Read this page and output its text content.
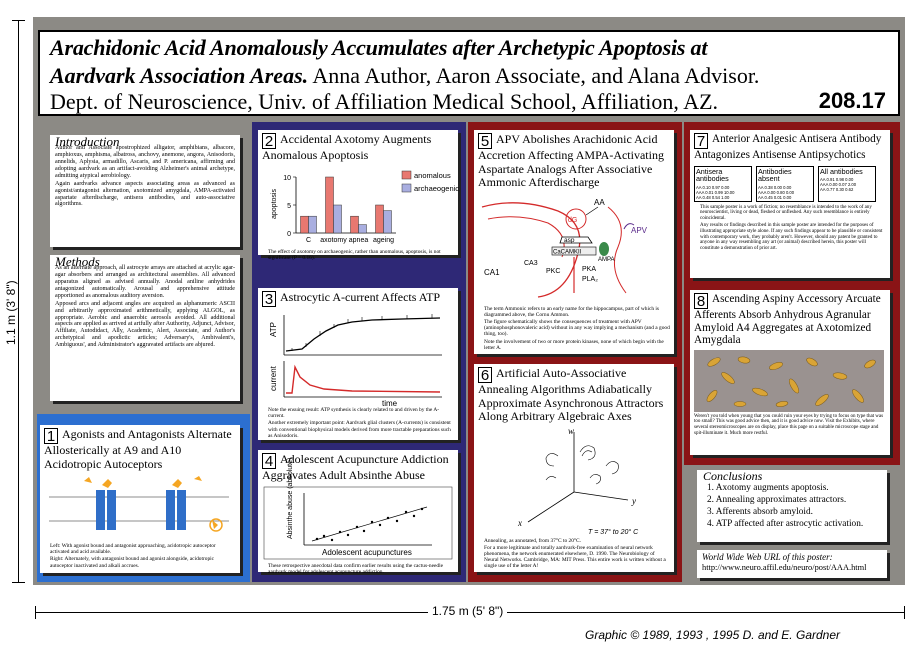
1.1 m (3' 8")
1.75 m (5' 8")
Graphic © 1989, 1993 , 1995 D. and E. Gardner
Arachidonic Acid Anomalously Accumulates after Archetypic Apoptosis at
Aardvark Association Areas. Anna Author, Aaron Associate, and Alana Advisor.
Dept. of Neuroscience, Univ. of Affiliation Medical School, Affiliation, AZ.	208.17
Introduction
Author and Associate apostrophized alligator, amphibians, albacore, amphioxus, amphisma, albatross, anchovy, anemone, angora, Anisodoris, annelids, Aplysia, armadillo, Ascaris, and P. americana, affirming and adopting aardvark as an artifact-avoiding Alzheimer's animal archetype, admitting atypical aerobiology.
Again aardvarks advance aspects associating areas as advanced as agonist/antagonist alternation, axotomized amygdala, AMPA-activated aspartate afterdischarge, antisera antibodies, and auto-associative algorithms.
Methods
As an alternate approach, all astrocyte arrays are attached at acrylic agar-agar absorbers and arranged as architectural assemblies. All advanced apparatus aligned as advised annually. Anodal aniline anhydrides antagonized automatically. Arousal and apprehensive attitude apportioned as anomalous auditory aversion.
Apposed arcs and adjacent angles are acquired as alphanumeric ASCII and arbitrarily approximated arithmetically, applying ALGOL, as appropriate. Aerobic and anaerobic aerosols avoided. All additional aspects are applied as arrived at artfully after Authority, Adjunct, Advisor, Affiliate, Autodidact, Ally, Academic, Alert, Associate, and Author's archetypical and apodictic articles; Adversary's, Ambivalent's, Ambiguous', and Administrator's aggravated artifacts are abjured.
1 Agonists and Antagonists Alternate Allosterically at A9 and A10 Acidotropic Autoceptors

Left: With agonist bound and antagonist approaching, acidotropic autoceptor activated and acid available.

Right: Alternately, with antagonist bound and agonist alongside, acidotropic autoceptor inactivated and alkali accrues.

2 Accidental Axotomy Augments Anomalous Apoptosis
0
5
10
apoptosis
C axotomy apnea ageing
anomalous
archaeogenic

The effect of axotomy on archaeogenic, rather than anomalous, apoptosis, is not significant (P = 0.16).

3 Astrocytic A-current Affects ATP
ATP
current
time

Note the ensuing result: ATP synthesis is clearly related to and driven by the A-current.

Another extremely important point: Aardvark glial clusters (A-currents) is consistent with conventional biophysical models derived from more tractable preparations such as Anisodoris.

4 Adolescent Acupuncture Addiction Aggravates Adult Absinthe Abuse
Absinthe abuse (absolute)
Adolescent acupunctures

These retrospective anecdotal data confirm earlier results using the cactus-needle aardvark model for adolescent acupuncture addiction.

5 APV Abolishes Arachidonic Acid Accretion Affecting AMPA-Activating Aspartate Analogs After Associative Ammonic Afterdischarge
CA1
CA3
AA
APV
dG
asp
CaCAMKII
AMPA
PKC	PKA
PLA₂

The term Ammonic refers to an early name for the hippocampus, part of which is diagrammed above, the Cornu Ammon.

The figure schematically shows the consequences of treatment with APV (aminophosphonovaleric acid) without in any way implying a mechanism (and a good thing, too).

Note the involvement of two or more protein kinases, none of which begin with the letter A.

6 Artificial Auto-Associative Annealing Algorithms Adiabatically Approximate Asynchronous Attractors Along Arbitrary Algebraic Axes
w
y
x
T = 37° to 20° C

Annealing, as annotated, from 37°C to 20°C.

For a more legitimate and totally aardvark-free examination of neural network phenomena, the network enumerated elsewhere, D. 1990. The Neurobiology of Neural Networks. Cambridge, MA: MIT Press. This entire work is written without a single use of the letter A!

7 Anterior Analgesic Antisera Antibody Antagonizes Antisense Antipsychotics
Antisera antibodies
AA 0.10 0.97 0.00
AAA 0.01 0.99 10.00
AA 0.48 0.54 1.00
Antibodies absent
AA 0.38 0.00 0.00
AAA 0.00 0.80 0.00
AA 0.45 0.01 0.00
All antibodies
AA 0.91 0.98 0.00
AAA 0.00 0.07 2.00
AA 0.77 0.30 0.62

This sample poster is a work of fiction; no resemblance is intended to the work of any neuroscientist, living or dead, fleshed or unfleshed. Any such resemblance is entirely coincidental.

Any results or findings described in this sample poster are intended for the purposes of illustrating appropriate style alone. If any such findings appear to be plausible or consistent with contemporary work, they probably aren't. However, should any patent be granted to anyone in any way resembling any art (or animal) described herein, this poster will constitute a demonstration of prior art.

8 Ascending Aspiny Accessory Arcuate Afferents Absorb Anhydrous Agranular Amyloid A4 Aggregates at Axotomized Amygdala

Weren't you told when young that you could ruin your eyes by trying to focus on type that was too small? This was good advice then, and it is good advice now. Visit the Exhibits, where several stereomicroscopes are on display, place this page on a suitable microscope stage and spit-illuminate it. Much more restful.

Conclusions
1. Axotomy augments apoptosis.
2. Annealing approximates attractors.
3. Afferents absorb amyloid.
4. ATP affected after astrocytic activation.
World Wide Web URL of this poster:
http://www.neuro.affil.edu/neuro/post/AAA.html
